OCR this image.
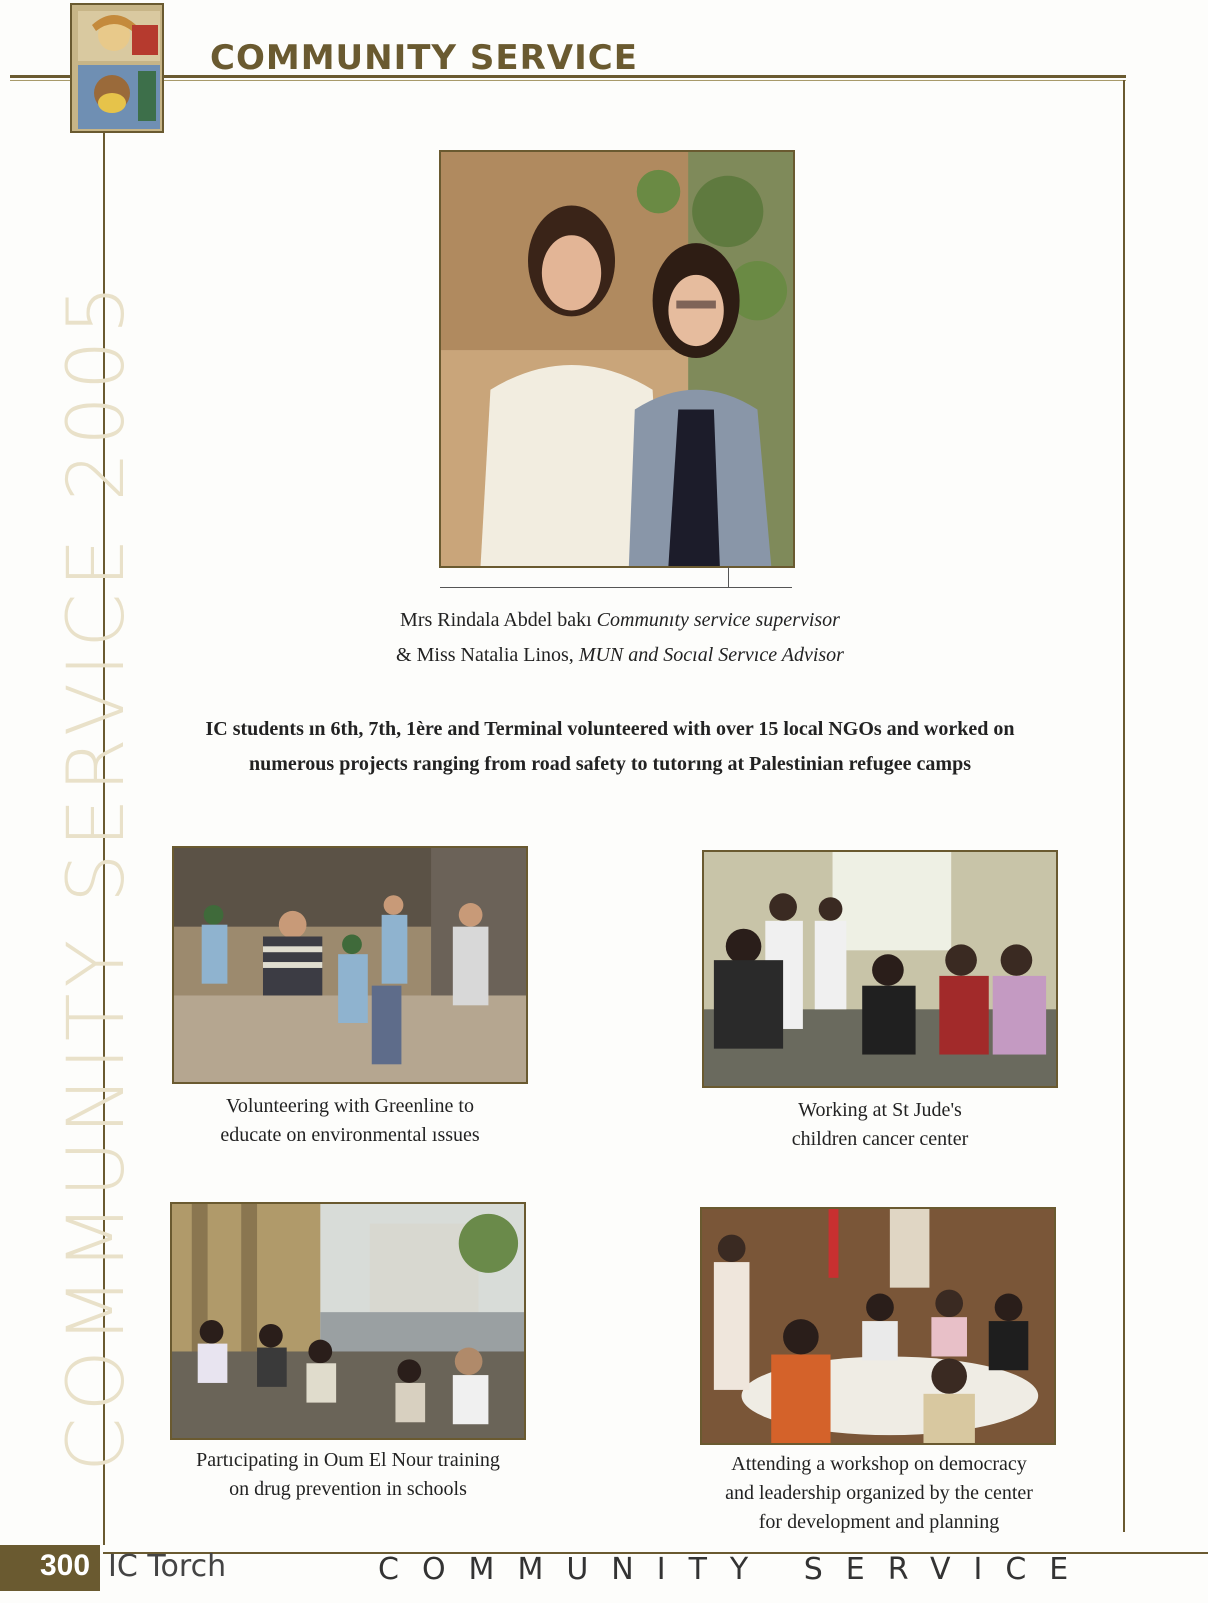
COMMUNITY SERVICE
COMMUNITY SERVICE 2005	Mrs Rindala Abdel bakı Communıty service supervisor
& Miss Natalia Linos, MUN and Socıal Servıce Advisor
IC students ın 6th, 7th, 1ère and Terminal volunteered with over 15 local NGOs and worked on
numerous projects ranging from road safety to tutorıng at Palestinian refugee camps
Volunteering with Greenline to
educate on environmental ıssues
Working at St Jude's
children cancer center
Partıcipating in Oum El Nour training
on drug prevention in schools
Attending a workshop on democracy
and leadership organized by the center
for development and planning
300 IC Torch	COMMUNITY SERVICE
